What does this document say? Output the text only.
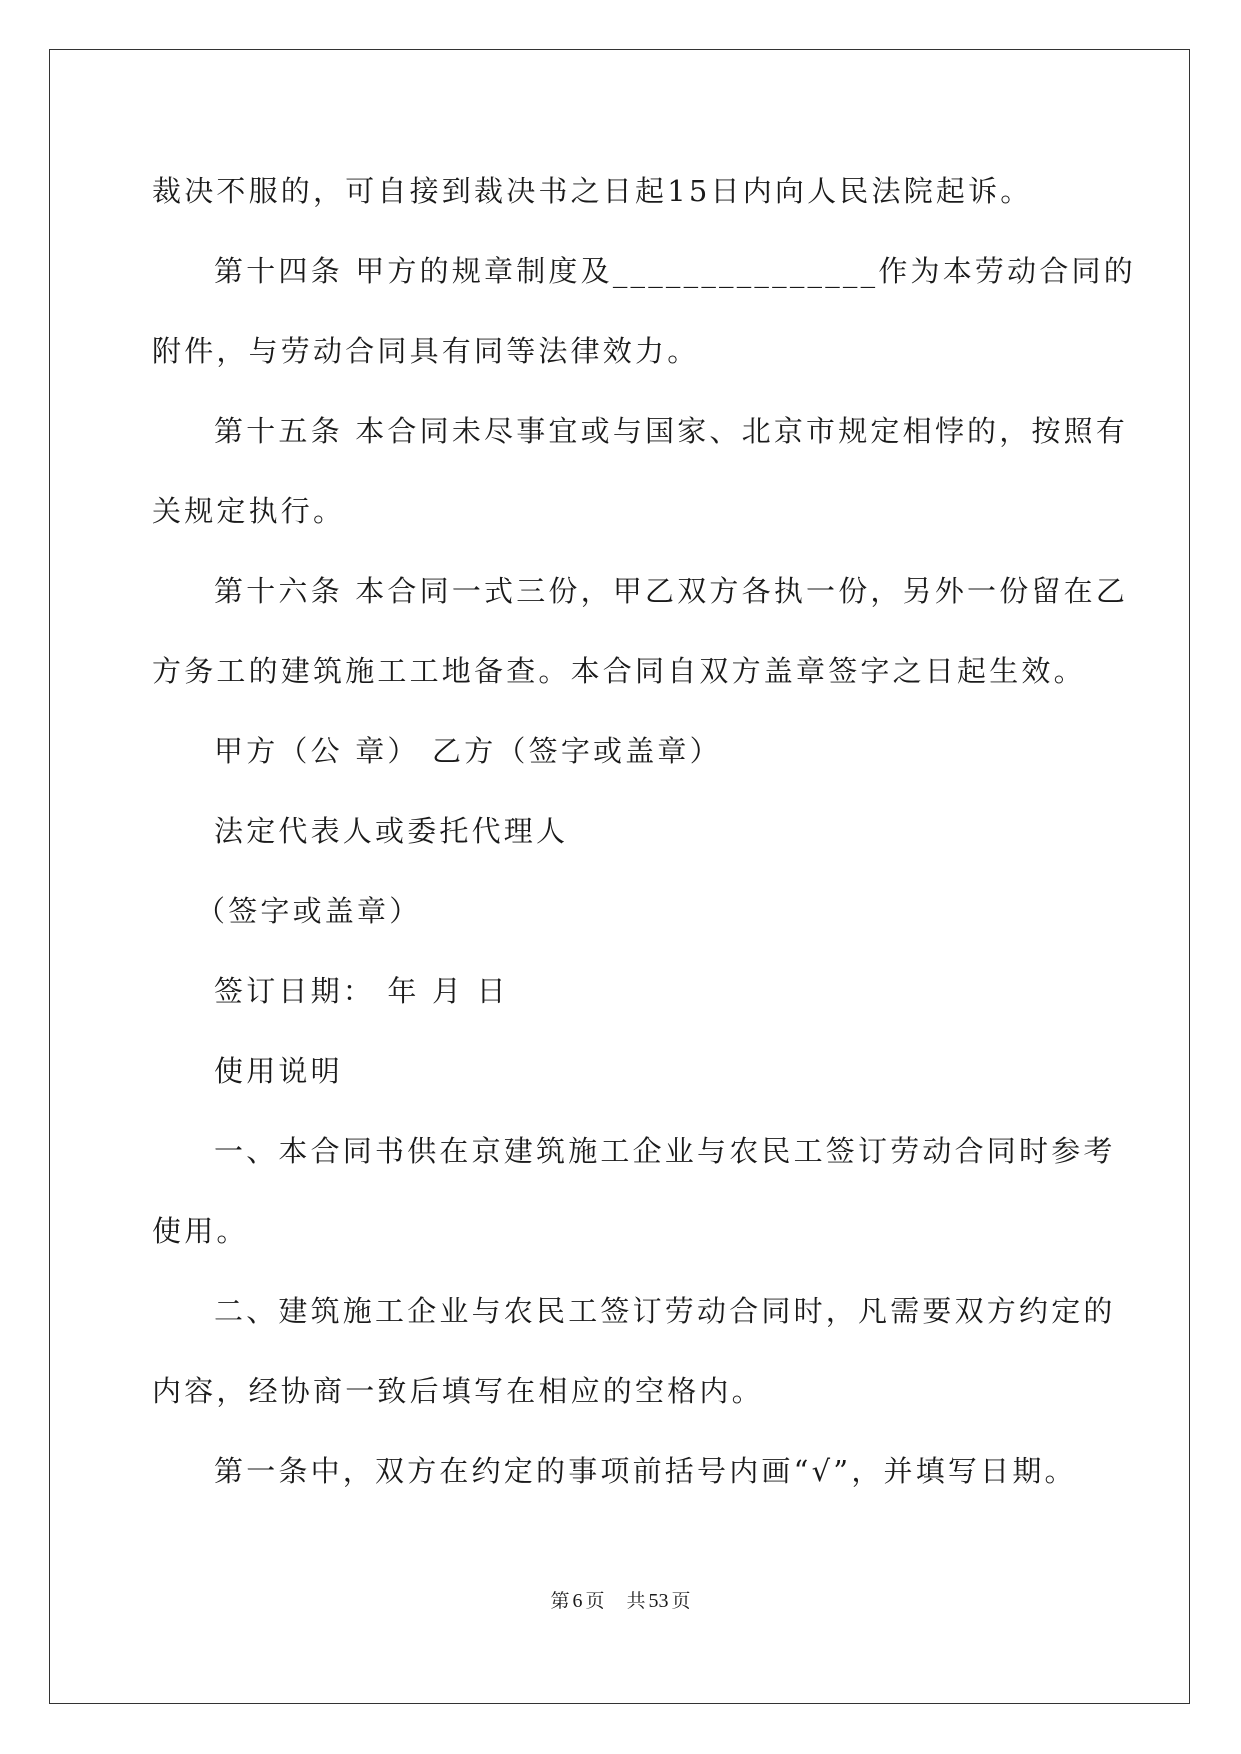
裁决不服的，可自接到裁决书之日起15日内向人民法院起诉。
第十四条 甲方的规章制度及_______________作为本劳动合同的
附件，与劳动合同具有同等法律效力。
第十五条 本合同未尽事宜或与国家、北京市规定相悖的，按照有
关规定执行。
第十六条 本合同一式三份，甲乙双方各执一份，另外一份留在乙
方务工的建筑施工工地备查。本合同自双方盖章签字之日起生效。
甲方（公 章） 乙方（签字或盖章）
法定代表人或委托代理人
（签字或盖章）
签订日期： 年 月 日
使用说明
一、本合同书供在京建筑施工企业与农民工签订劳动合同时参考
使用。
二、建筑施工企业与农民工签订劳动合同时，凡需要双方约定的
内容，经协商一致后填写在相应的空格内。
第一条中，双方在约定的事项前括号内画“√”，并填写日期。
第 6 页 共 53 页
